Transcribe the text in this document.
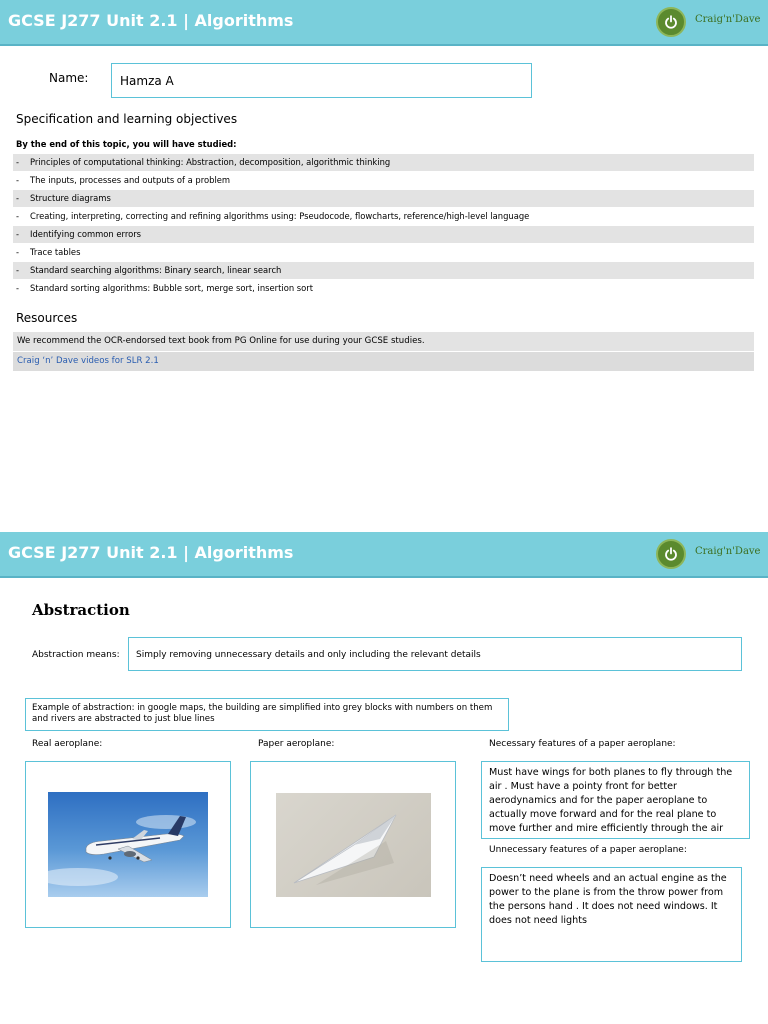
GCSE J277 Unit 2.1 | Algorithms	Craig'n'Dave
Name:	Hamza A
Specification and learning objectives
By the end of this topic, you will have studied:
- Principles of computational thinking: Abstraction, decomposition, algorithmic thinking
- The inputs, processes and outputs of a problem
- Structure diagrams
- Creating, interpreting, correcting and refining algorithms using: Pseudocode, flowcharts, reference/high-level language
- Identifying common errors
- Trace tables
- Standard searching algorithms: Binary search, linear search
- Standard sorting algorithms: Bubble sort, merge sort, insertion sort
Resources
We recommend the OCR-endorsed text book from PG Online for use during your GCSE studies.
Craig ‘n’ Dave videos for SLR 2.1
GCSE J277 Unit 2.1 | Algorithms	Craig'n'Dave
Abstraction
Abstraction means: Simply removing unnecessary details and only including the relevant details
Example of abstraction: in google maps, the building are simplified into grey blocks with numbers on them and rivers are abstracted to just blue lines
Real aeroplane:	Paper aeroplane:	Necessary features of a paper aeroplane:
Must have wings for both planes to fly through the air . Must have a pointy front for better aerodynamics and for the paper aeroplane to actually move forward and for the real plane to move further and mire efficiently through the air
Unnecessary features of a paper aeroplane:
Doesn’t need wheels and an actual engine as the power to the plane is from the throw power from the persons hand . It does not need windows. It does not need lights
